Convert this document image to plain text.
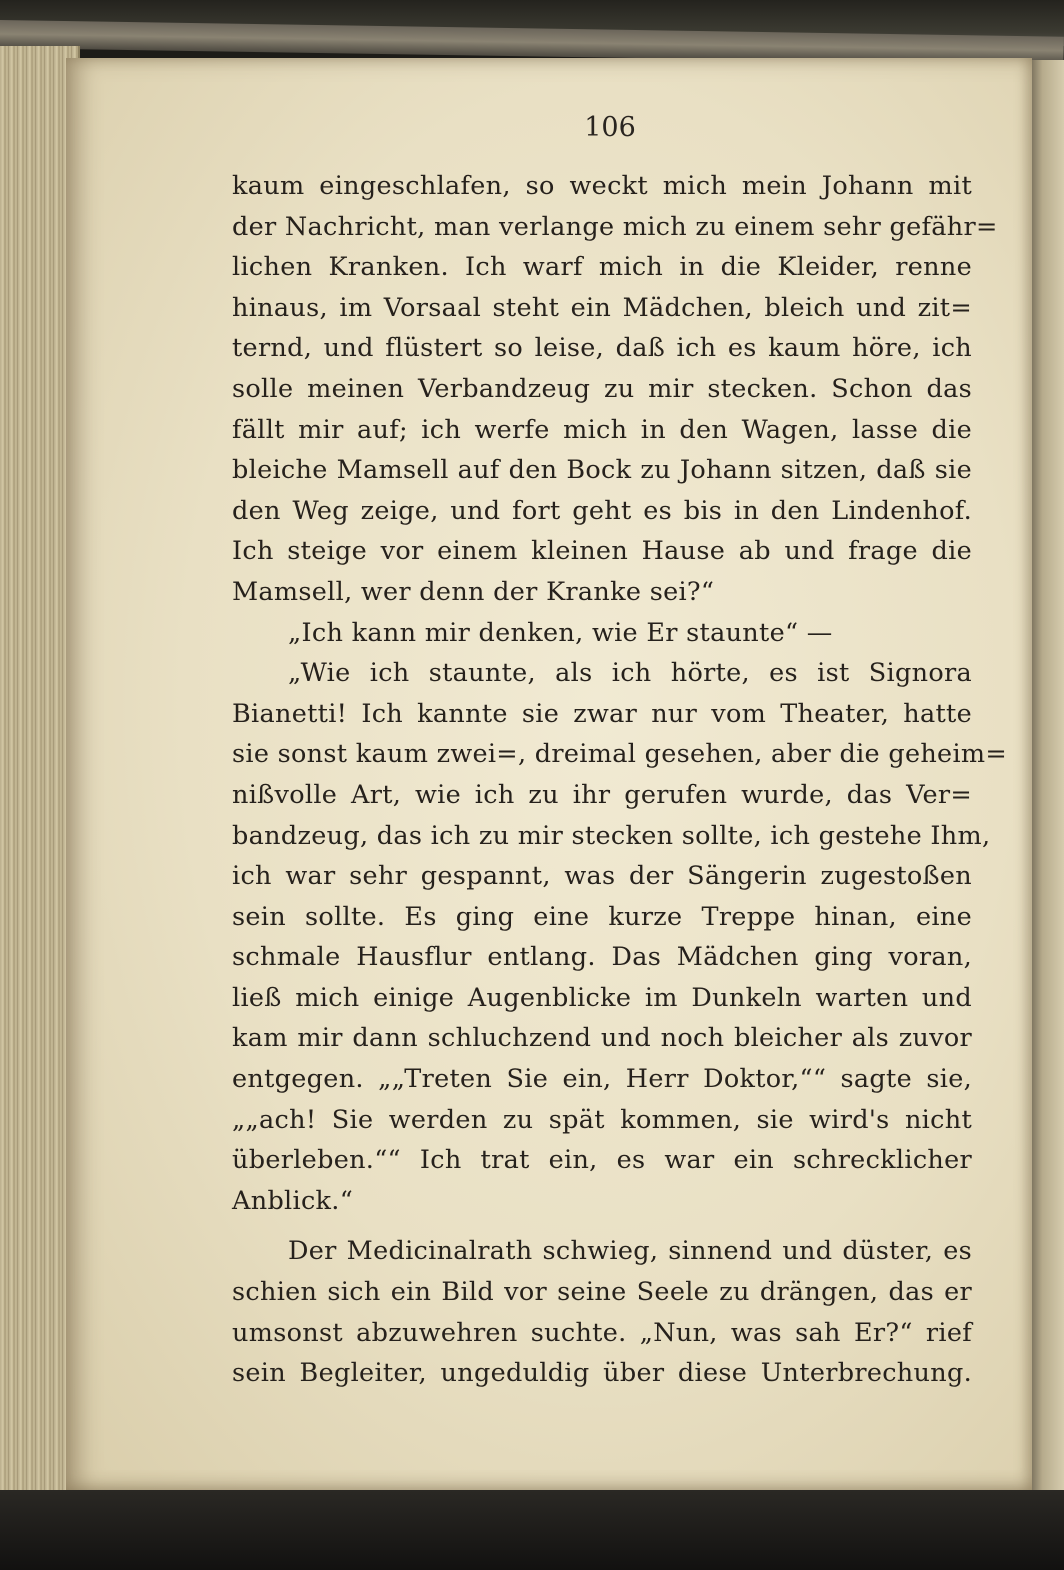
106
kaum eingeschlafen, so weckt mich mein Johann mit
der Nachricht, man verlange mich zu einem sehr gefähr=
lichen Kranken. Ich warf mich in die Kleider, renne
hinaus, im Vorsaal steht ein Mädchen, bleich und zit=
ternd, und flüstert so leise, daß ich es kaum höre, ich
solle meinen Verbandzeug zu mir stecken. Schon das
fällt mir auf; ich werfe mich in den Wagen, lasse die
bleiche Mamsell auf den Bock zu Johann sitzen, daß sie
den Weg zeige, und fort geht es bis in den Lindenhof.
Ich steige vor einem kleinen Hause ab und frage die
Mamsell, wer denn der Kranke sei?“
„Ich kann mir denken, wie Er staunte“ —
„Wie ich staunte, als ich hörte, es ist Signora
Bianetti! Ich kannte sie zwar nur vom Theater, hatte
sie sonst kaum zwei=, dreimal gesehen, aber die geheim=
nißvolle Art, wie ich zu ihr gerufen wurde, das Ver=
bandzeug, das ich zu mir stecken sollte, ich gestehe Ihm,
ich war sehr gespannt, was der Sängerin zugestoßen
sein sollte. Es ging eine kurze Treppe hinan, eine
schmale Hausflur entlang. Das Mädchen ging voran,
ließ mich einige Augenblicke im Dunkeln warten und
kam mir dann schluchzend und noch bleicher als zuvor
entgegen. „„Treten Sie ein, Herr Doktor,““ sagte sie,
„„ach! Sie werden zu spät kommen, sie wird's nicht
überleben.““ Ich trat ein, es war ein schrecklicher
Anblick.“
Der Medicinalrath schwieg, sinnend und düster, es
schien sich ein Bild vor seine Seele zu drängen, das er
umsonst abzuwehren suchte. „Nun, was sah Er?“ rief
sein Begleiter, ungeduldig über diese Unterbrechung.
